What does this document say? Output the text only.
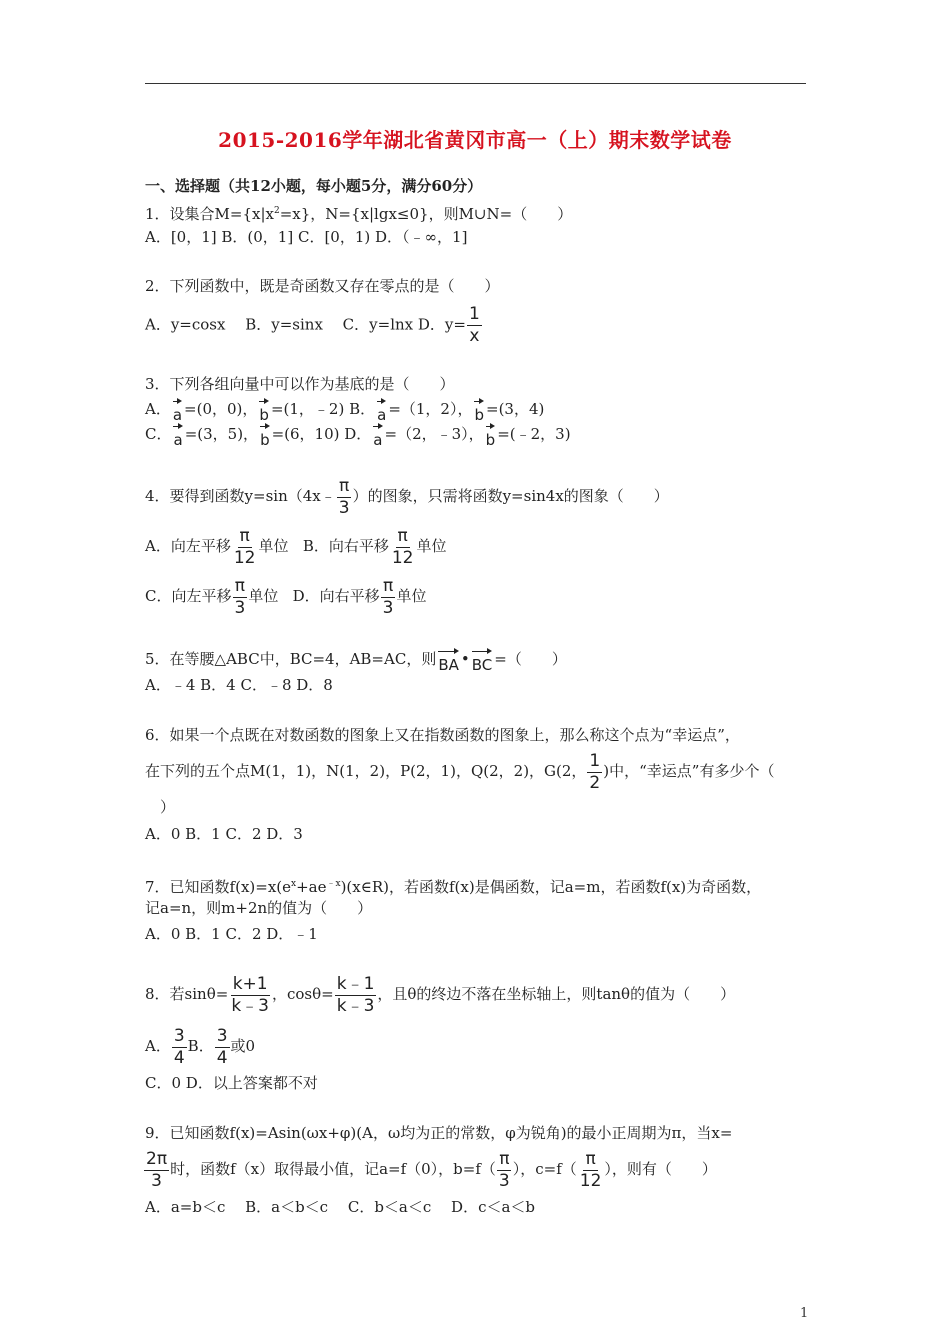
2015-2016学年湖北省黄冈市高一（上）期末数学试卷
一、选择题（共12小题，每小题5分，满分60分）
1．设集合$M=\{x|x^2=x\}$，N={x|lgx≤0}，则M∪N=（　　）
A．[0，1] B．(0，1] C．[0，1) D．（﹣∞，1]
2．下列函数中，既是奇函数又存在零点的是（　　）
A．y=cosx　 B．y=sinx　 C．y=lnx D．$y= \frac{1}{x}$
3．下列各组向量中可以作为基底的是（　　）
A． a =(0，0)， b =(1，﹣2) B． a =（1，2）， b =(3，4)
C． a =(3，5)， b =(6，10) D． a =（2，﹣3）， b =(﹣2，3)
4．要得到函数y=sin（4x﹣ $\frac{\pi}{3}$ ）的图象，只需将函数y=sin4x的图象（　　）
A．向左平移 $\frac{\pi}{12}$ 单位 B．向右平移 $\frac{\pi}{12}$ 单位
C．向左平移 $\frac{\pi}{3}$ 单位 D．向右平移 $\frac{\pi}{3}$ 单位
5．在等腰△ABC中，BC=4，AB=AC，则 BA • BC =（　　）
A．﹣4 B．4 C．﹣8 D．8
6．如果一个点既在对数函数的图象上又在指数函数的图象上，那么称这个点为“幸运点”，
在下列的五个点M(1，1)，N(1，2)，P(2，1)，Q(2，2)，G(2， $\frac{1}{2}$ )中，“幸运点”有多少个（
）
A．0 B．1 C．2 D．3
7．已知函数$f(x)=x(e^x+ae^{﹣x})(x\in R)$，若函数f(x)是偶函数，记a=m，若函数f(x)为奇函数，
记a=n，则m+2n的值为（　　）
A．0 B．1 C．2 D．﹣1
8．若$\sin\theta= \frac{k+1}{k﹣3}$ ，$\cos\theta= \frac{k﹣1}{k﹣3}$ ，且θ的终边不落在坐标轴上，则tanθ的值为（　　）
A． $\frac{3}{4}$ B． $\frac{3}{4}$ 或0
C．0 D．以上答案都不对
9．已知函数f(x)=Asin(ωx+φ)(A，ω均为正的常数，φ为锐角)的最小正周期为π，当x=
$\frac{2\pi}{3}$ 时，函数f（x）取得最小值，记a=f（0），$b=f( \frac{\pi}{3}$ ），$c=f( \frac{\pi}{12}$ ），则有（　　）
A．a=b＜c　 B．a＜b＜c　 C．b＜a＜c　 D．c＜a＜b
1
